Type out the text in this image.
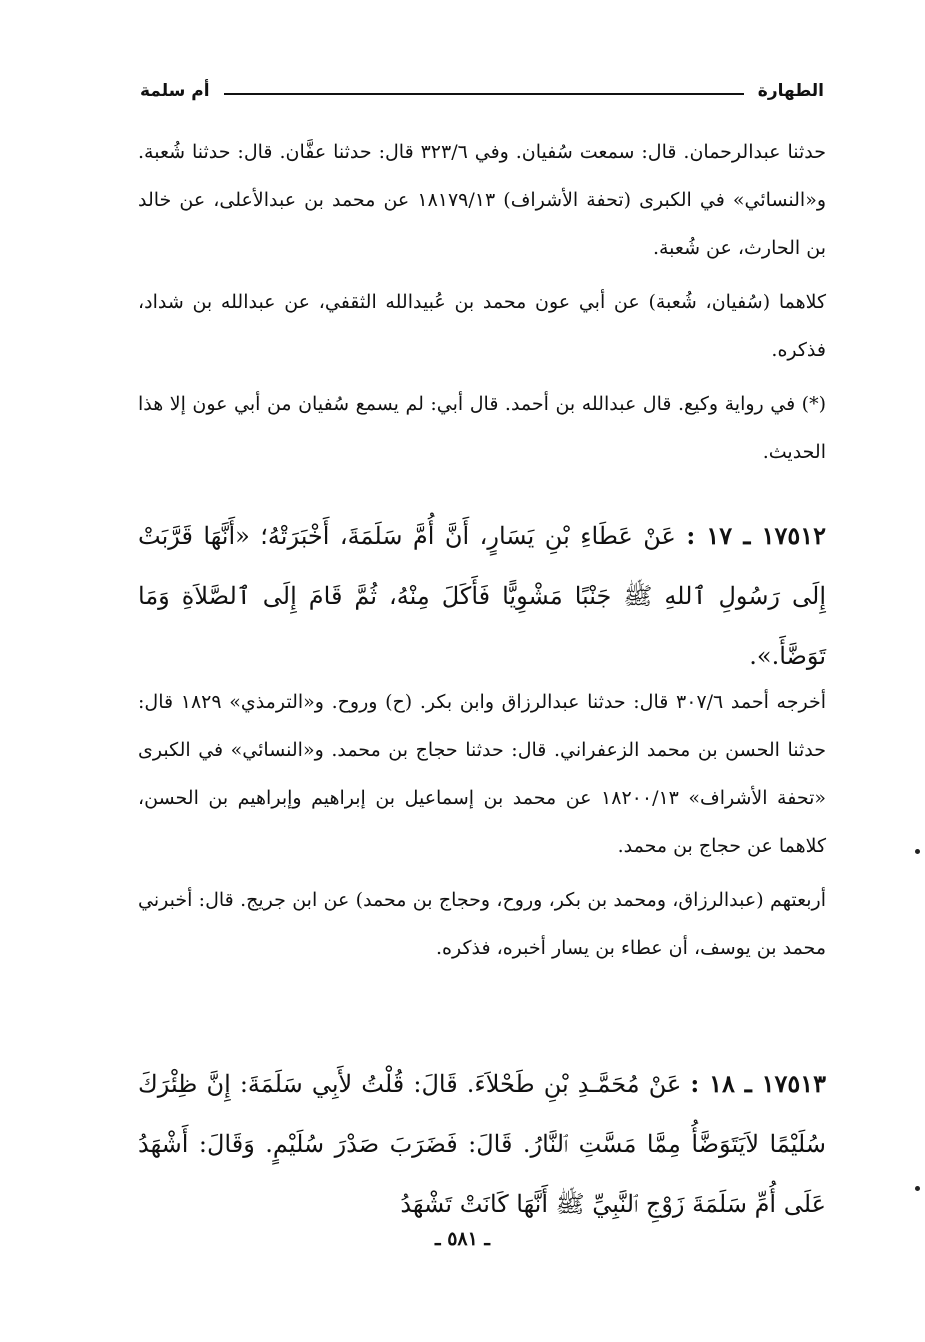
الطهارة
أم سلمة

حدثنا عبدالرحمان. قال: سمعت سُفيان. وفي ٣٢٣/٦ قال: حدثنا عفَّان. قال: حدثنا شُعبة. و«النسائي» في الكبرى (تحفة الأشراف) ١٨١٧٩/١٣ عن محمد بن عبدالأعلى، عن خالد بن الحارث، عن شُعبة.

كلاهما (سُفيان، شُعبة) عن أبي عون محمد بن عُبيدالله الثقفي، عن عبدالله بن شداد، فذكره.

(*) في رواية وكيع. قال عبدالله بن أحمد. قال أبي: لم يسمع سُفيان من أبي عون إلا هذا الحديث.

١٧٥١٢ ـ ١٧ : عَنْ عَطَاءِ بْنِ يَسَارٍ، أَنَّ أُمَّ سَلَمَةَ، أَخْبَرَتْهُ؛ «أَنَّهَا قَرَّبَتْ إِلَى رَسُولِ ٱللهِ ﷺ جَنْبًا مَشْوِيًّا فَأَكَلَ مِنْهُ، ثُمَّ قَامَ إِلَى ٱلصَّلاَةِ وَمَا تَوَضَّأَ.».

أخرجه أحمد ٣٠٧/٦ قال: حدثنا عبدالرزاق وابن بكر. (ح) وروح. و«الترمذي» ١٨٢٩ قال: حدثنا الحسن بن محمد الزعفراني. قال: حدثنا حجاج بن محمد. و«النسائي» في الكبرى «تحفة الأشراف» ١٨٢٠٠/١٣ عن محمد بن إسماعيل بن إبراهيم وإبراهيم بن الحسن، كلاهما عن حجاج بن محمد.

أربعتهم (عبدالرزاق، ومحمد بن بكر، وروح، وحجاج بن محمد) عن ابن جريج. قال: أخبرني محمد بن يوسف، أن عطاء بن يسار أخبره، فذكره.

١٧٥١٣ ـ ١٨ : عَنْ مُحَمَّـدِ بْنِ طَحْلاَءَ. قَالَ: قُلْتُ لأَبِي سَلَمَةَ: إِنَّ ظِئْرَكَ سُلَيْمًا لاَيَتَوَضَّأُ مِمَّا مَسَّتِ ٱلنَّارُ. قَالَ: فَضَرَبَ صَدْرَ سُلَيْمٍ. وَقَالَ: أَشْهَدُ عَلَى أُمِّ سَلَمَةَ زَوْجِ ٱلنَّبِيِّ ﷺ أَنَّهَا كَانَتْ تَشْهَدُ

ـ ٥٨١ ـ
